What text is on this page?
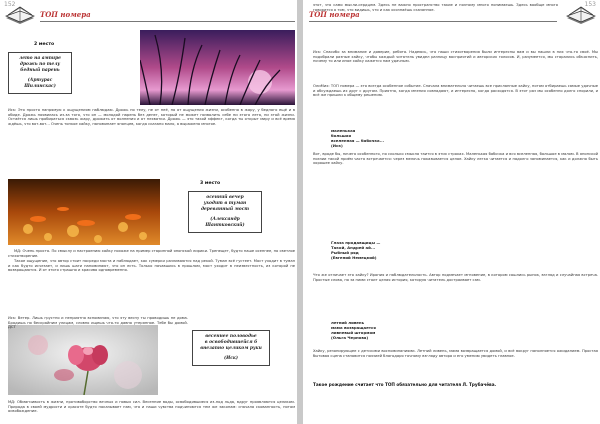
152
ТОП номера
2 место
лето на ампире
дрожь по телу
бедный парень
(Артурас Шилинскас)
Иск: Это просто напрямую к ощущениям наблюдаю. Дрожь по телу, не от неё, но от ощущения жизни, особенно в жару, у бедного ещё и в обиде. Дрожь появилась из-за того, что он — молодой парень без денег, который не может позволить себе ни этого лета, ни этой жизни. Остаётся лишь пробираться сквозь жару, дрожать от волнения и от нехватки. Дрожь — это такой эффект, когда ты открыт миру и всё время ждёшь, что вот-вот... Очень тонкое хайку, напоминает японцев, когда сказано мало, а выражено многое.
3 место
осенний вечер
уходит в туман
деревянный мост
(Александр Шантковский)

МД: Очень просто. По смыслу и настроению хайку похоже на пример старинной японской лирики. Трепещет, будто наше осеннее, но светлое стихотворение.

Такое ощущение, что автор стоит посреди моста и наблюдает, как сумерки разливаются над рекой. Туман всё густеет. Мост уходит в туман и как будто исчезает, и лишь шаги напоминают, что он есть. Только начавшись в прошлом, мост уходит в неизвестность, из которой не возвращаются. И от этого страшно и красиво одновременно.

весеннее половодье
в освободившейся б
внезапно целиком руки
(Иск)
Иск: Ветер. Лишь грустно и неприятно вспоминаю, что эту весну ты проводишь не дома. Бродишь по бескрайним улицам, словно ищешь что-то давно утерянное. Тебе бы домой. ДСТ
МД: Обманчивость в жизни, противоборство вечных и новых сил. Весенние воды, освободившиеся из-под льда, вдруг проявляются целиком. Природа в своей мудрости и красоте будто показывает нам, что и наши чувства подчиняются тем же законам: сначала скованность, потом освобождение.
153
ТОП номера
этот, что само мысли-сердцем. Здесь не важно пространство такие и поэтому много понимаешь. Здесь вообще много говорится о том, что видишь, что и как осознаёшь сказанное.
Иск: Спасибо за внимание и доверие, ребята. Надеюсь, что наши стихотворения были интересны вам и вы нашли в них что-то своё. Мы подобрали разные хайку, чтобы каждый читатель увидел разницу восприятий и авторских голосов. И, разумеется, мы старались объяснить, почему то или иное хайку кажется нам удачным.
ОлиМих: ТОП номера — это всегда особенное событие. Сначала внимательно читаешь все присланные хайку, потом отбираешь самые удачные и обсуждаешь их друг с другом. Приятно, когда мнения совпадают, и интересно, когда расходятся. В этот раз мы особенно долго спорили, и всё же пришли к общему решению.
маленькая
большая
вселенная — бабочка...
(Иск)
Вот, вроде бы, ничего особенного, но сколько смысла таится в этих строках. Маленькая бабочка и вся вселенная, большое в малом. В японской поэзии такой приём часто встречается: через мелочь показывается целое. Хайку легко читается и надолго запоминается, как и должно быть хорошее хайку.
Глаза продавщицы —
Такой, Андрей ай...
Рыбный ряд
(Евгений Немецкий)
Что же отличает это хайку? Ирония и наблюдательность. Автор подмечает мгновение, в котором сошлись рынок, взгляд и случайная встреча. Простые слова, но за ними стоит целая история, которую читатель достраивает сам.
летний ливень
мама возвращается
ливневый штормом
(Ольга Чернова)
Хайку, резонирующее с детскими воспоминаниями. Летний ливень, мама возвращается домой, и всё вокруг наполняется ожиданием. Простая бытовая сцена становится поэзией благодаря точному взгляду автора и его умению увидеть главное.
Такое рождение считает что ТОП обязательно для читателя Л. Трубачёва.
